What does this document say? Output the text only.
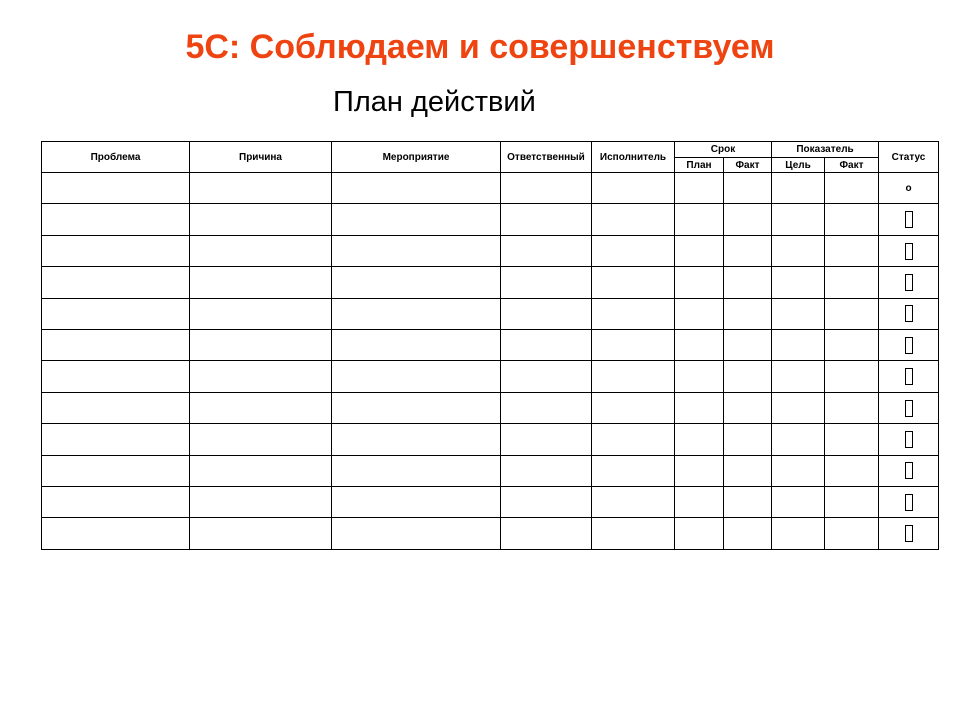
5С: Соблюдаем и совершенствуем
План действий
Проблема	Причина	Мероприятие	Ответственный	Исполнитель	Срок		Показатель		Статус
					План	Факт	Цель	Факт	
									o
